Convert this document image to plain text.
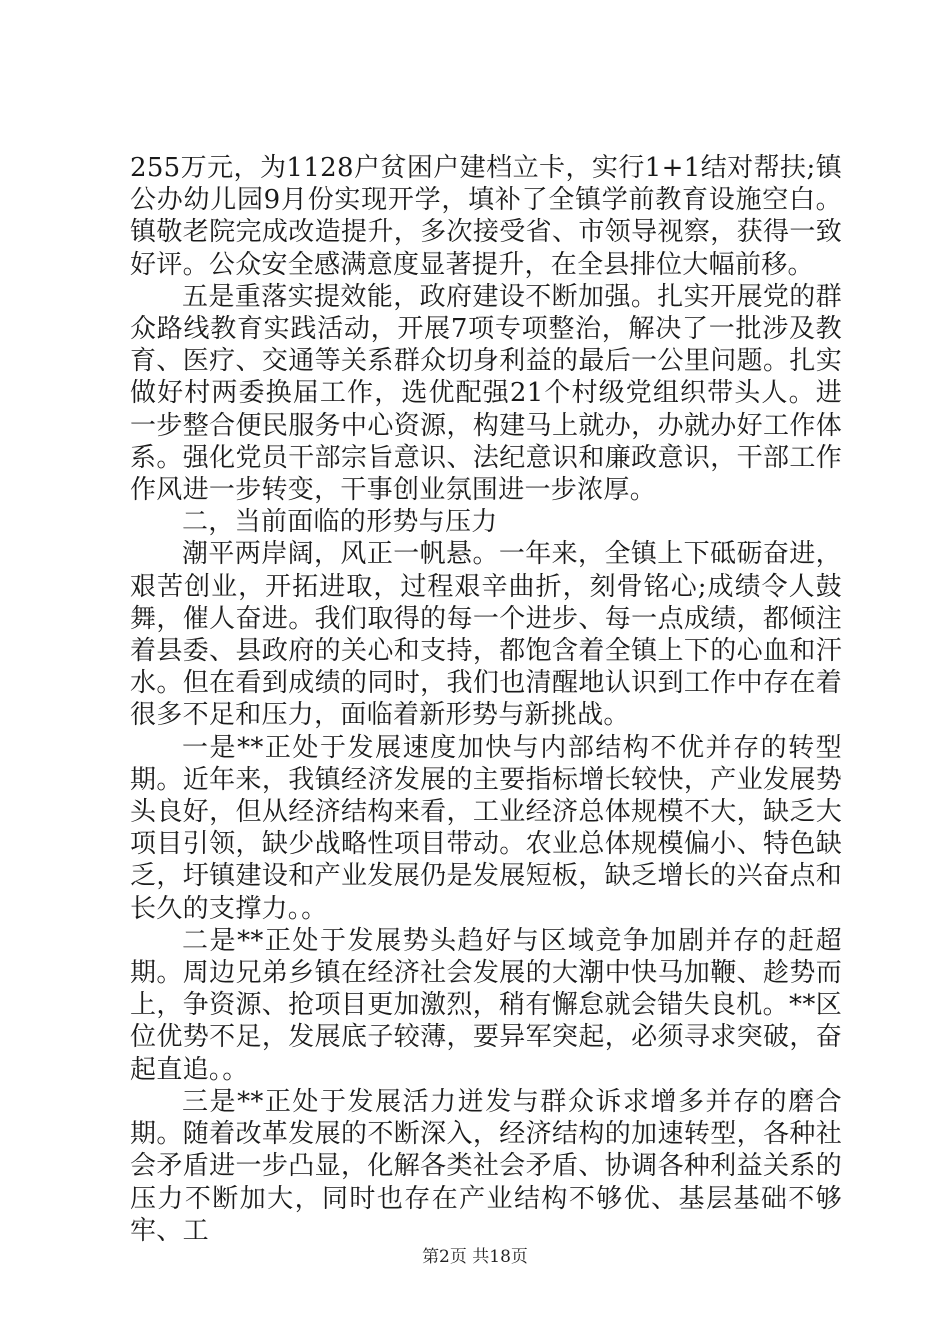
255万元，为1128户贫困户建档立卡，实行1+1结对帮扶;镇公办幼儿园9月份实现开学，填补了全镇学前教育设施空白。镇敬老院完成改造提升，多次接受省、市领导视察，获得一致好评。公众安全感满意度显著提升，在全县排位大幅前移。

五是重落实提效能，政府建设不断加强。扎实开展党的群众路线教育实践活动，开展7项专项整治，解决了一批涉及教育、医疗、交通等关系群众切身利益的最后一公里问题。扎实做好村两委换届工作，选优配强21个村级党组织带头人。进一步整合便民服务中心资源，构建马上就办，办就办好工作体系。强化党员干部宗旨意识、法纪意识和廉政意识，干部工作作风进一步转变，干事创业氛围进一步浓厚。

二，当前面临的形势与压力

潮平两岸阔，风正一帆悬。一年来，全镇上下砥砺奋进，艰苦创业，开拓进取，过程艰辛曲折，刻骨铭心;成绩令人鼓舞，催人奋进。我们取得的每一个进步、每一点成绩，都倾注着县委、县政府的关心和支持，都饱含着全镇上下的心血和汗水。但在看到成绩的同时，我们也清醒地认识到工作中存在着很多不足和压力，面临着新形势与新挑战。

一是**正处于发展速度加快与内部结构不优并存的转型期。近年来，我镇经济发展的主要指标增长较快，产业发展势头良好，但从经济结构来看，工业经济总体规模不大，缺乏大项目引领，缺少战略性项目带动。农业总体规模偏小、特色缺乏，圩镇建设和产业发展仍是发展短板，缺乏增长的兴奋点和长久的支撑力。。

二是**正处于发展势头趋好与区域竞争加剧并存的赶超期。周边兄弟乡镇在经济社会发展的大潮中快马加鞭、趁势而上，争资源、抢项目更加激烈，稍有懈怠就会错失良机。**区位优势不足，发展底子较薄，要异军突起，必须寻求突破，奋起直追。。

三是**正处于发展活力迸发与群众诉求增多并存的磨合期。随着改革发展的不断深入，经济结构的加速转型，各种社会矛盾进一步凸显，化解各类社会矛盾、协调各种利益关系的压力不断加大，同时也存在产业结构不够优、基层基础不够牢、工

第2页 共18页
